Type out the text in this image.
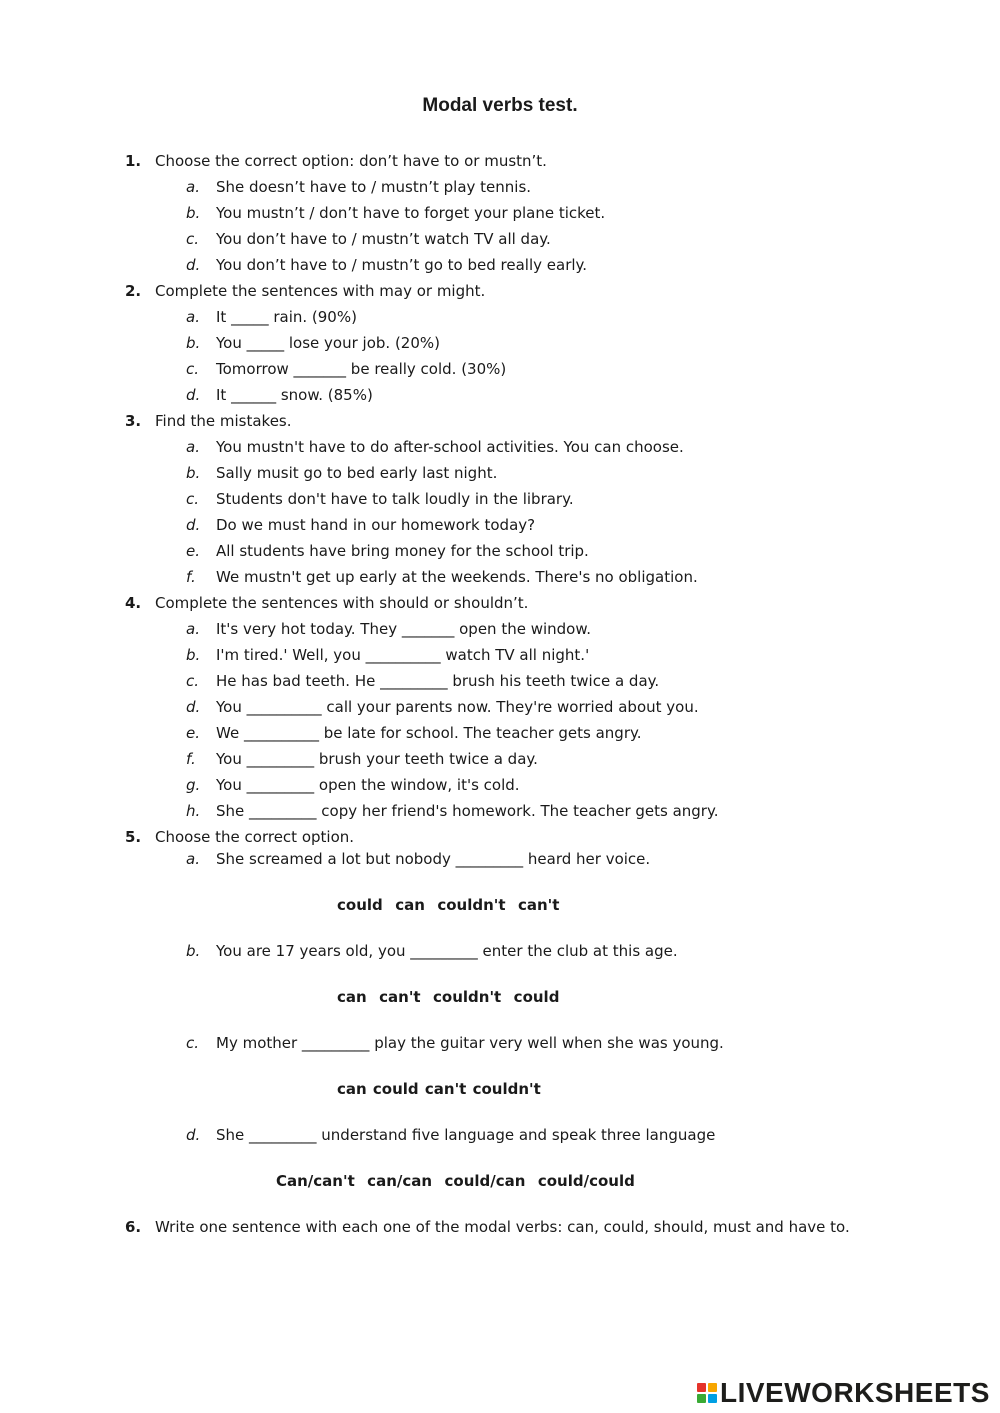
Modal verbs test.
1. Choose the correct option: don’t have to or mustn’t.
a. She doesn’t have to / mustn’t play tennis.
b. You mustn’t / don’t have to forget your plane ticket.
c. You don’t have to / mustn’t watch TV all day.
d. You don’t have to / mustn’t go to bed really early.
2. Complete the sentences with may or might.
a. It _____ rain. (90%)
b. You _____ lose your job. (20%)
c. Tomorrow _______ be really cold. (30%)
d. It ______ snow. (85%)
3. Find the mistakes.
a. You mustn't have to do after-school activities. You can choose.
b. Sally musit go to bed early last night.
c. Students don't have to talk loudly in the library.
d. Do we must hand in our homework today?
e. All students have bring money for the school trip.
f. We mustn't get up early at the weekends. There's no obligation.
4. Complete the sentences with should or shouldn’t.
a. It's very hot today. They _______ open the window.
b. I'm tired.' Well, you __________ watch TV all night.'
c. He has bad teeth. He _________ brush his teeth twice a day.
d. You __________ call your parents now. They're worried about you.
e. We __________ be late for school. The teacher gets angry.
f. You _________ brush your teeth twice a day.
g. You _________ open the window, it's cold.
h. She _________ copy her friend's homework. The teacher gets angry.
5. Choose the correct option.
a. She screamed a lot but nobody _________ heard her voice.
could  can  couldn't  can't
b. You are 17 years old, you _________ enter the club at this age.
can  can't  couldn't  could
c. My mother _________ play the guitar very well when she was young.
can could can't couldn't
d. She _________ understand five language and speak three language
Can/can't  can/can  could/can  could/could
6. Write one sentence with each one of the modal verbs: can, could, should, must and have to.
LIVEWORKSHEETS
